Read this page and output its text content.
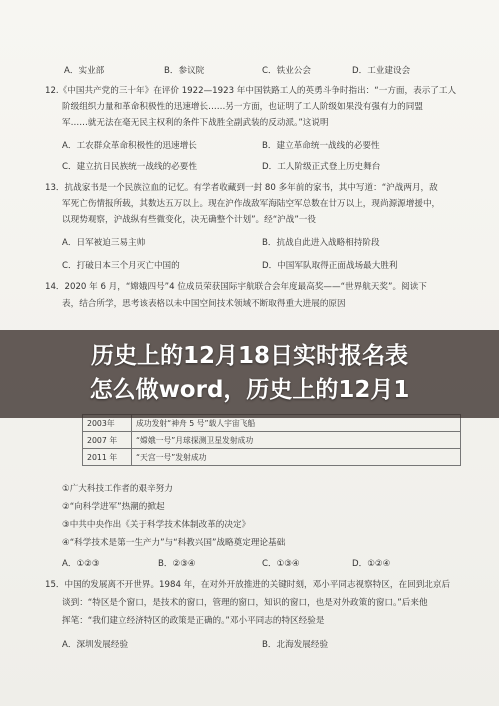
A．实业部	B．参议院	C．铁业公会	D．工业建设会
12.《中国共产党的三十年》在评价 1922—1923 年中国铁路工人的英勇斗争时指出：“一方面，表示了工人
阶级组织力量和革命积极性的迅速增长……另一方面，也证明了工人阶级如果没有强有力的同盟
军……就无法在毫无民主权利的条件下战胜全副武装的反动派。”这说明
A．工农群众革命积极性的迅速增长	B．建立革命统一战线的必要性
C．建立抗日民族统一战线的必要性	D．工人阶级正式登上历史舞台
13．抗战家书是一个民族泣血的记忆。有学者收藏到一封 80 多年前的家书，其中写道：“沪战两月，敌
军死亡伤情报所载，其数达五万以上。现在沪作战敌军海陆空军总数在廿万以上，现尚源源增援中，
以现势观察，沪战纵有些微变化，决无确整个计划”。经“沪战”一役
A．日军被迫三易主帅	B．抗战自此进入战略相持阶段
C．打破日本三个月灭亡中国的	D．中国军队取得正面战场最大胜利
14．2020 年 6 月，“嫦娥四号”4 位成员荣获国际宇航联合会年度最高奖——“世界航天奖”。阅读下
表，结合所学，思考该表格以未中国空间技术领域不断取得重大进展的原因
2003年	成功发射“神舟 5 号”载人宇宙飞船
2007 年	“嫦娥一号”月球探测卫星发射成功
2011 年	“天宫一号”发射成功
①广大科技工作者的艰辛努力
②“向科学进军”热潮的掀起
③中共中央作出《关于科学技术体制改革的决定》
④“科学技术是第一生产力”与“科教兴国”战略奠定理论基础
A．①②③	B．②③④	C．①③④	D．①②④
15．中国的发展离不开世界。1984 年，在对外开放推进的关键时刻，邓小平同志视察特区，在回到北京后
谈到：“特区是个窗口，是技术的窗口，管理的窗口，知识的窗口，也是对外政策的窗口。”后来他
挥笔：“我们建立经济特区的政策是正确的。”邓小平同志的特区经验是
A．深圳发展经验	B．北海发展经验
历史上的12月18日实时报名表
怎么做word，历史上的12月1
